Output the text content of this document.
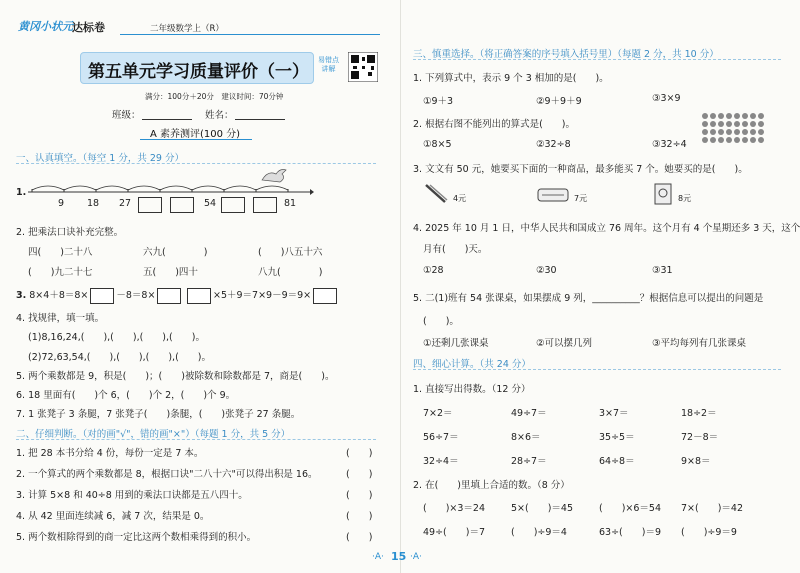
黄冈小状元 达标卷	二年级数学上（R）
第五单元学习质量评价（一）
易错点
讲解
满分：100分＋20分　建议时间：70分钟
班级：	姓名：
A 素养测评(100 分)
一、认真填空。（每空 1 分，共 29 分）
1.
9 18 27	54	81
2. 把乘法口诀补充完整。
四(　　)二十八	六九(　　　　)	(　　)八五十六
(　　)九二十七	五(　　)四十	八九(　　　　)
3. 8×4＋8＝8×	－8＝8×	×5＋9＝7×9－9＝9×
4. 找规律，填一填。
(1)8,16,24,(　　),(　　),(　　),(　　)。
(2)72,63,54,(　　),(　　),(　　),(　　)。
5. 两个乘数都是 9，积是(　　)；(　　)被除数和除数都是 7，商是(　　)。
6. 18 里面有(　　)个 6，(　　)个 2，(　　)个 9。
7. 1 张凳子 3 条腿，7 张凳子(　　)条腿，(　　)张凳子 27 条腿。
二、仔细判断。（对的画"√"，错的画"×"）（每题 1 分，共 5 分）
1. 把 28 本书分给 4 份，每份一定是 7 本。	(　　)
2. 一个算式的两个乘数都是 8，根据口诀"二八十六"可以得出积是 16。	(　　)
3. 计算 5×8 和 40÷8 用到的乘法口诀都是五八四十。	(　　)
4. 从 42 里面连续减 6，减 7 次，结果是 0。	(　　)
5. 两个数相除得到的商一定比这两个数相乘得到的积小。	(　　)
三、慎重选择。（将正确答案的序号填入括号里）（每题 2 分，共 10 分）
1. 下列算式中，表示 9 个 3 相加的是(　　)。
①9＋3	②9＋9＋9	③3×9
2. 根据右图不能列出的算式是(　　)。
①8×5	②32÷8	③32÷4
3. 文文有 50 元，她要买下面的一种商品，最多能买 7 个。她要买的是(　　)。
4元	7元	8元
4. 2025 年 10 月 1 日，中华人民共和国成立 76 周年。这个月有 4 个星期还多 3 天，这个
月有(　　)天。
①28	②30	③31
5. 二(1)班有 54 张课桌，如果摆成 9 列，__________？根据信息可以提出的问题是
(　　)。
①还剩几张课桌	②可以摆几列	③平均每列有几张课桌
四、细心计算。（共 24 分）
1. 直接写出得数。（12 分）
7×2＝	49÷7＝	3×7＝	18÷2＝
56÷7＝	8×6＝	35÷5＝	72－8＝
32÷4＝	28÷7＝	64÷8＝	9×8＝
2. 在(　　)里填上合适的数。（8 分）
(　　)×3＝24	5×(　　)＝45	(　　)×6＝54 7×(　　)＝42
49÷(　　)＝7	(　　)÷9＝4	63÷(　　)＝9 (　　)÷9＝9
·A· 15 ·A·
